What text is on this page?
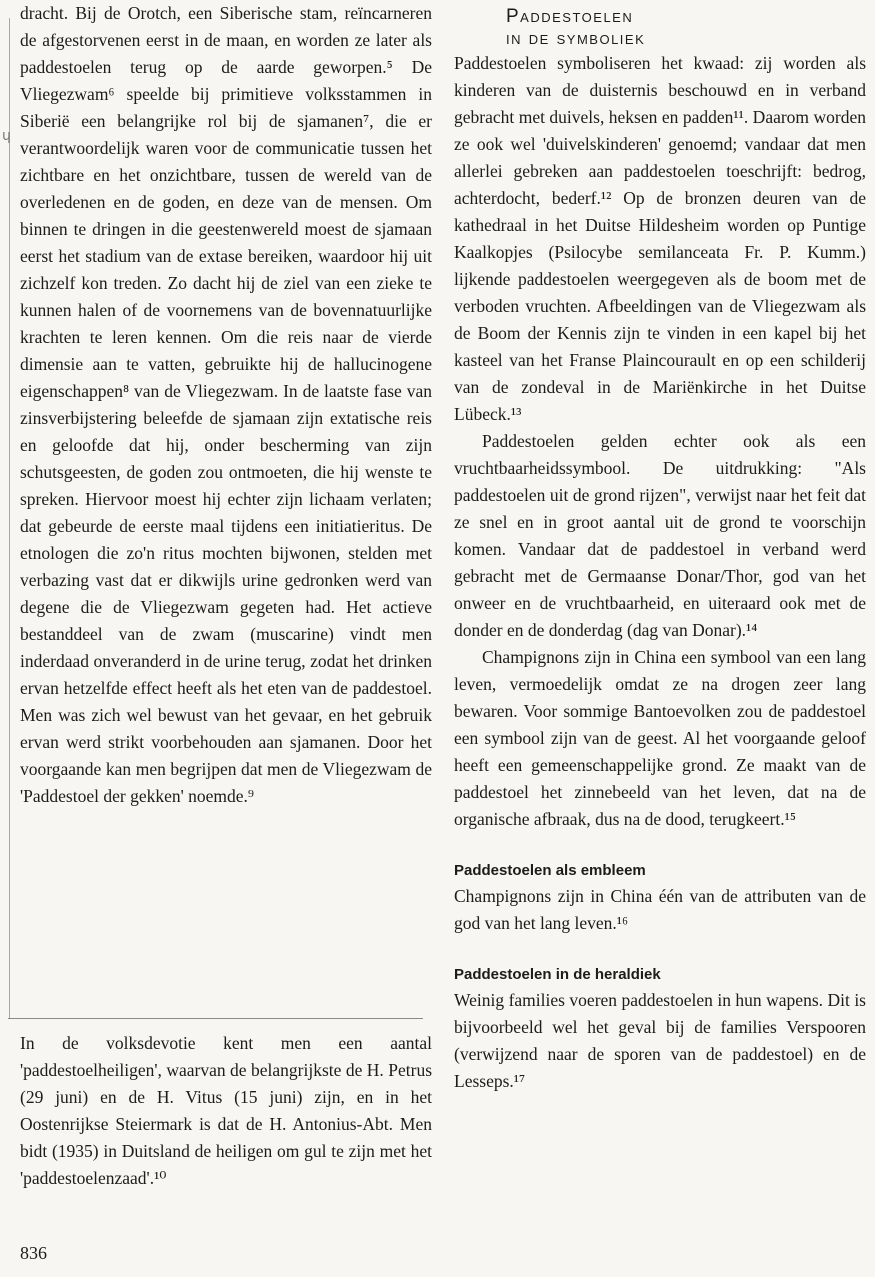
ɥ

dracht. Bij de Orotch, een Siberische stam, reïncarneren de afgestorvenen eerst in de maan, en worden ze later als paddestoelen terug op de aarde geworpen.⁵ De Vliegezwam⁶ speelde bij primitieve volksstammen in Siberië een belangrijke rol bij de sjamanen⁷, die er verantwoordelijk waren voor de communicatie tussen het zichtbare en het onzichtbare, tussen de wereld van de overledenen en de goden, en deze van de mensen. Om binnen te dringen in die geestenwereld moest de sjamaan eerst het stadium van de extase bereiken, waardoor hij uit zichzelf kon treden. Zo dacht hij de ziel van een zieke te kunnen halen of de voornemens van de bovennatuurlijke krachten te leren kennen. Om die reis naar de vierde dimensie aan te vatten, gebruikte hij de hallucinogene eigenschappen⁸ van de Vliegezwam. In de laatste fase van zinsverbijstering beleefde de sjamaan zijn extatische reis en geloofde dat hij, onder bescherming van zijn schutsgeesten, de goden zou ontmoeten, die hij wenste te spreken. Hiervoor moest hij echter zijn lichaam verlaten; dat gebeurde de eerste maal tijdens een initiatieritus. De etnologen die zo'n ritus mochten bijwonen, stelden met verbazing vast dat er dikwijls urine gedronken werd van degene die de Vliegezwam gegeten had. Het actieve bestanddeel van de zwam (muscarine) vindt men inderdaad onveranderd in de urine terug, zodat het drinken ervan hetzelfde effect heeft als het eten van de paddestoel. Men was zich wel bewust van het gevaar, en het gebruik ervan werd strikt voorbehouden aan sjamanen. Door het voorgaande kan men begrijpen dat men de Vliegezwam de 'Paddestoel der gekken' noemde.⁹

In de volksdevotie kent men een aantal 'paddestoelheiligen', waarvan de belangrijkste de H. Petrus (29 juni) en de H. Vitus (15 juni) zijn, en in het Oostenrijkse Steiermark is dat de H. Antonius-Abt. Men bidt (1935) in Duitsland de heiligen om gul te zijn met het 'paddestoelenzaad'.¹⁰

Paddestoelen
in de symboliek

Paddestoelen symboliseren het kwaad: zij worden als kinderen van de duisternis beschouwd en in verband gebracht met duivels, heksen en padden¹¹. Daarom worden ze ook wel 'duivelskinderen' genoemd; vandaar dat men allerlei gebreken aan paddestoelen toeschrijft: bedrog, achterdocht, bederf.¹² Op de bronzen deuren van de kathedraal in het Duitse Hildesheim worden op Puntige Kaalkopjes (Psilocybe semilanceata Fr. P. Kumm.) lijkende paddestoelen weergegeven als de boom met de verboden vruchten. Afbeeldingen van de Vliegezwam als de Boom der Kennis zijn te vinden in een kapel bij het kasteel van het Franse Plaincourault en op een schilderij van de zondeval in de Mariënkirche in het Duitse Lübeck.¹³

Paddestoelen gelden echter ook als een vruchtbaarheidssymbool. De uitdrukking: "Als paddestoelen uit de grond rijzen", verwijst naar het feit dat ze snel en in groot aantal uit de grond te voorschijn komen. Vandaar dat de paddestoel in verband werd gebracht met de Germaanse Donar/Thor, god van het onweer en de vruchtbaarheid, en uiteraard ook met de donder en de donderdag (dag van Donar).¹⁴

Champignons zijn in China een symbool van een lang leven, vermoedelijk omdat ze na drogen zeer lang bewaren. Voor sommige Bantoevolken zou de paddestoel een symbool zijn van de geest. Al het voorgaande geloof heeft een gemeenschappelijke grond. Ze maakt van de paddestoel het zinnebeeld van het leven, dat na de organische afbraak, dus na de dood, terugkeert.¹⁵

Paddestoelen als embleem

Champignons zijn in China één van de attributen van de god van het lang leven.¹⁶

Paddestoelen in de heraldiek

Weinig families voeren paddestoelen in hun wapens. Dit is bijvoorbeeld wel het geval bij de families Verspooren (verwijzend naar de sporen van de paddestoel) en de Lesseps.¹⁷

836
